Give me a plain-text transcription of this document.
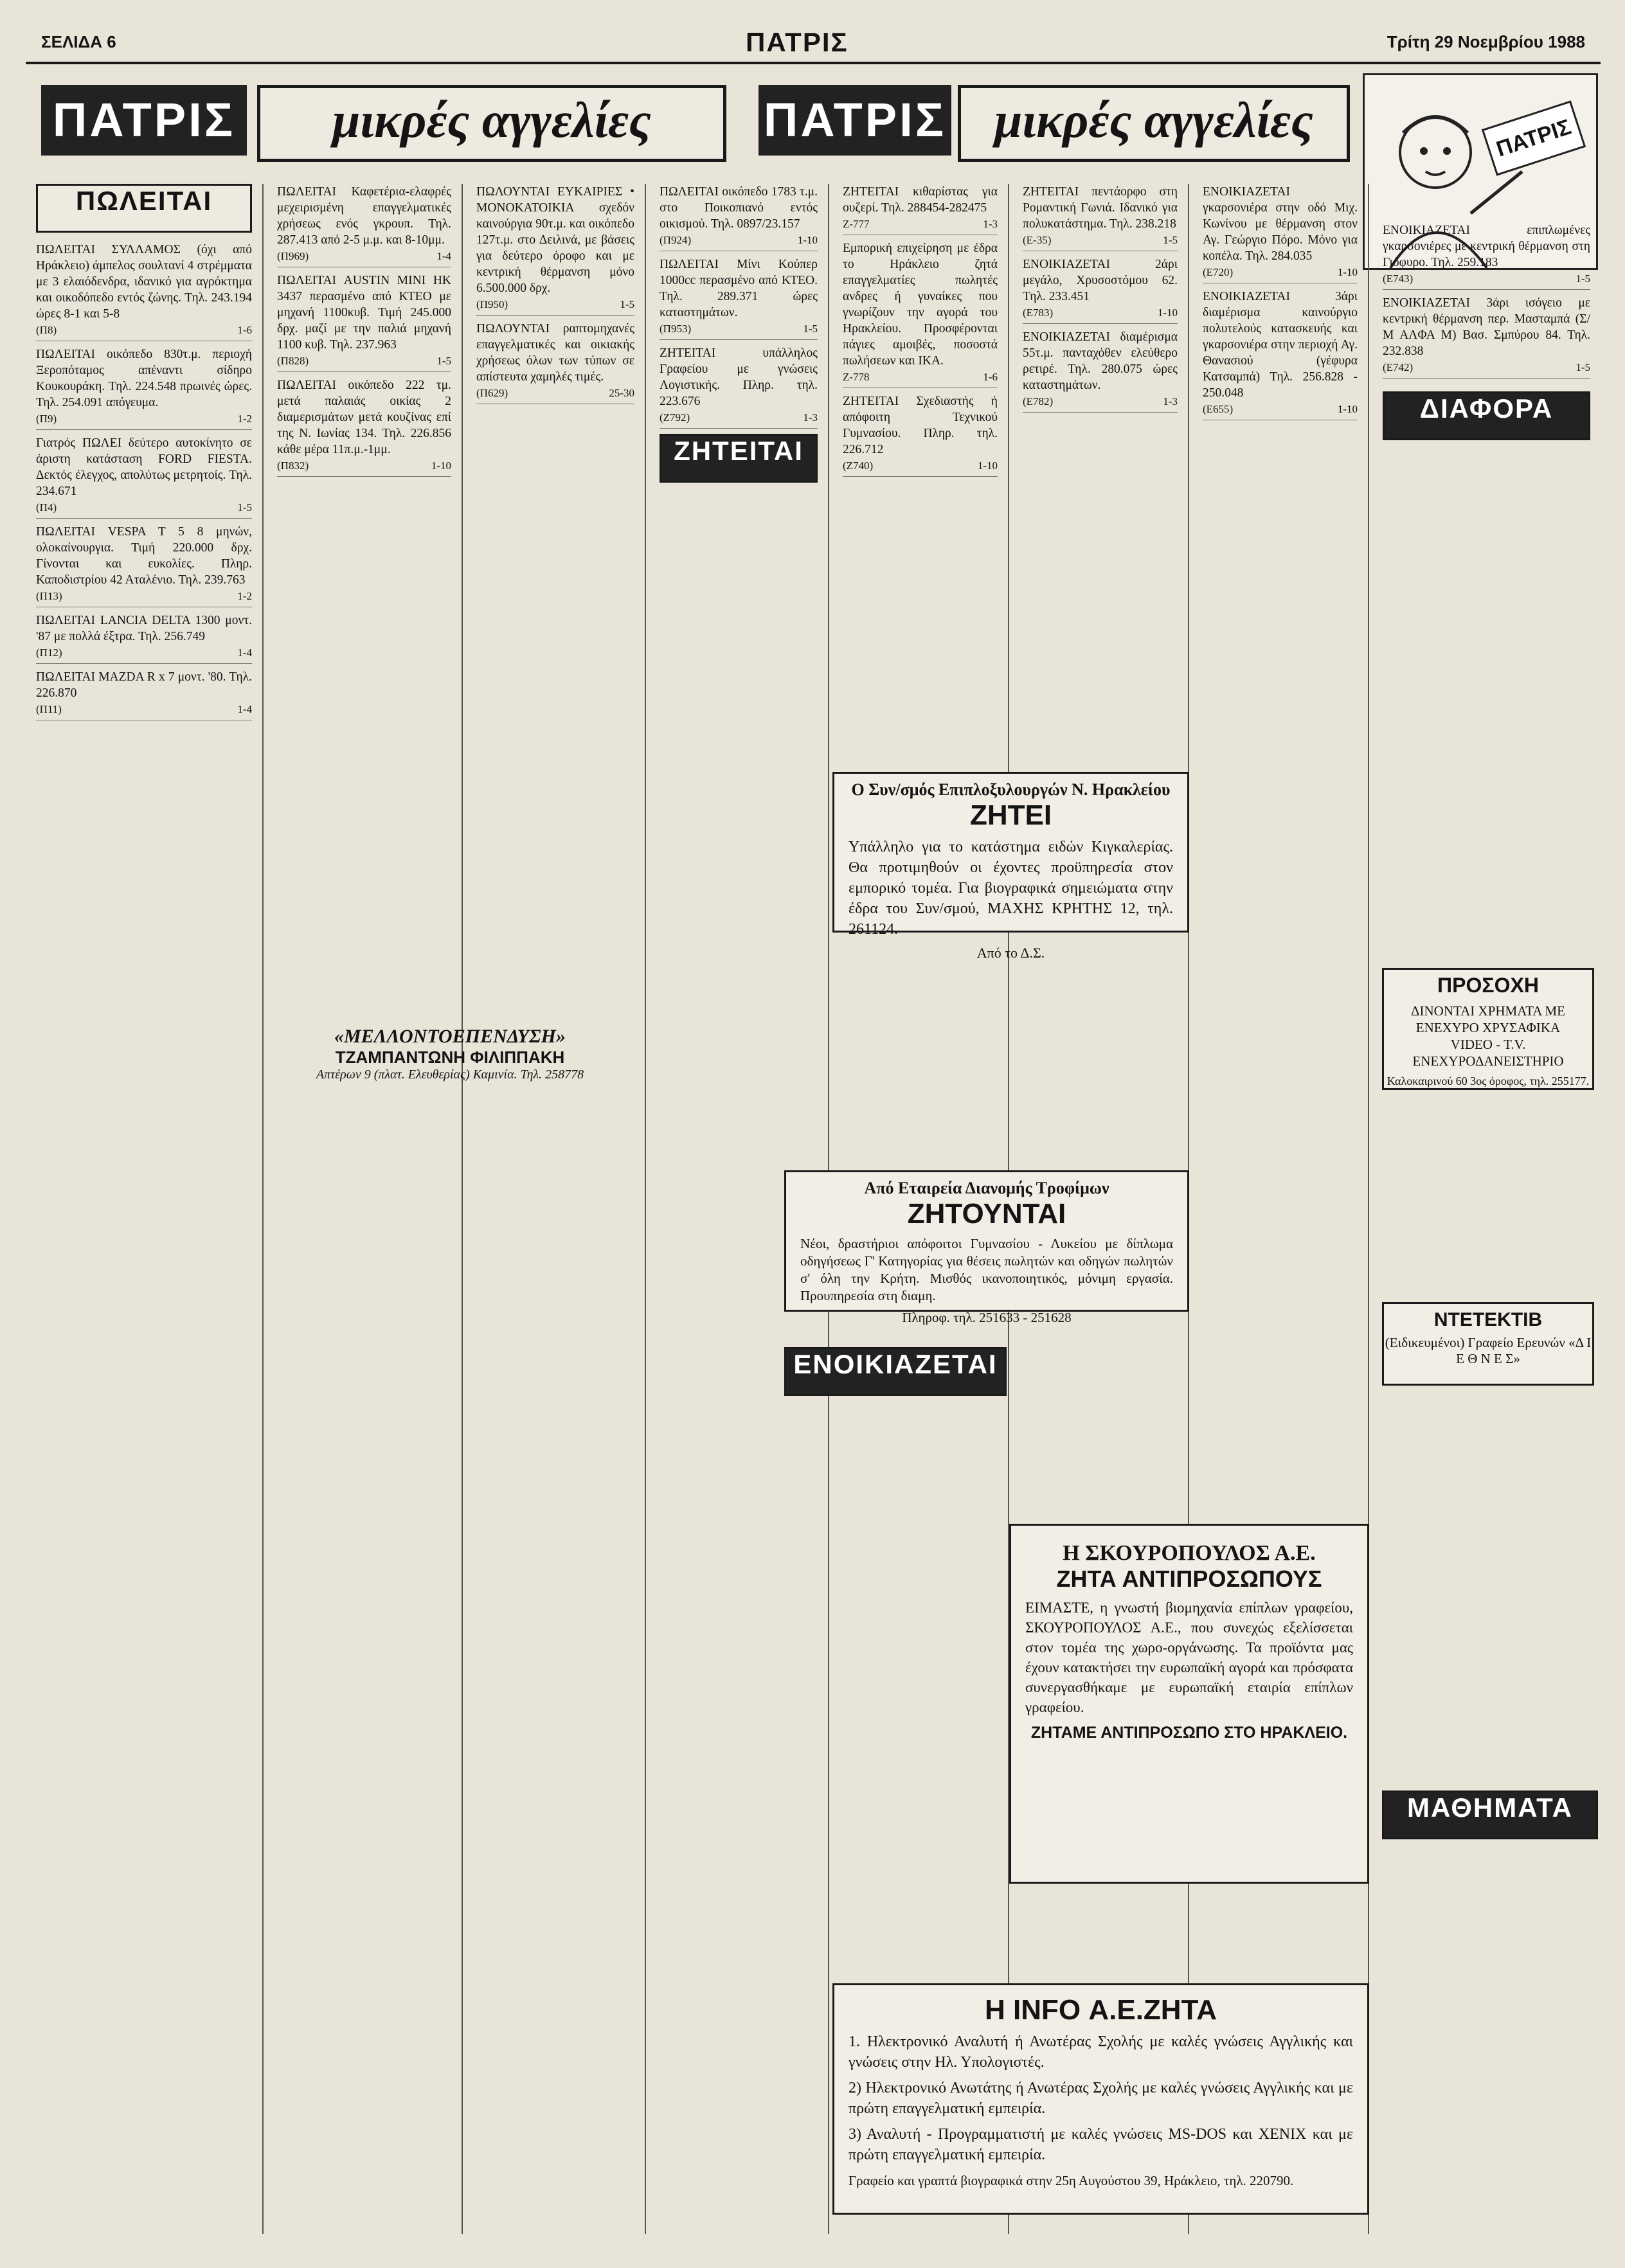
ΣΕΛΙΔΑ 6	ΠΑΤΡΙΣ	Τρίτη 29 Νοεμβρίου 1988
ΠΑΤΡΙΣ	μικρές αγγελίες	ΠΑΤΡΙΣ μικρές αγγελίες	ΠΑΤΡΙΣ
ΠΩΛΕΙΤΑΙ
ΠΩΛΕΙΤΑΙ ΣΥΛΛΑΜΟΣ (όχι από Ηράκλειο) άμπελος σουλτανί 4 στρέμματα με 3 ελαιόδενδρα, ιδανικό για αγρόκτημα και οικοδόπεδο εντός ζώνης. Τηλ. 243.194 ώρες 8-1 και 5-8
(Π8)	1-6
ΠΩΛΕΙΤΑΙ οικόπεδο 830τ.μ. περιοχή Ξεροπόταμος απέναντι σίδηρο Κουκουράκη. Τηλ. 224.548 πρωινές ώρες. Τηλ. 254.091 απόγευμα.
(Π9)	1-2
Γιατρός ΠΩΛΕΙ δεύτερο αυτοκίνητο σε άριστη κατάσταση FORD FIESTA. Δεκτός έλεγχος, απολύτως μετρητοίς. Τηλ. 234.671
(Π4)	1-5
ΠΩΛΕΙΤΑΙ VESPA T 5 8 μηνών, ολοκαίνουργια. Τιμή 220.000 δρχ. Γίνονται και ευκολίες. Πληρ. Καποδιστρίου 42 Αταλένιο. Τηλ. 239.763
(Π13)	1-2
ΠΩΛΕΙΤΑΙ LANCIA DELTA 1300 μοντ. '87 με πολλά έξτρα. Τηλ. 256.749
(Π12)	1-4
ΠΩΛΕΙΤΑΙ MAZDA R x 7 μοντ. '80. Τηλ. 226.870
(Π11)	1-4
ΠΩΛΕΙΤΑΙ Καφετέρια-ελαφρές μεχειρισμένη επαγγελματικές χρήσεως ενός γκρουπ. Τηλ. 287.413 από 2-5 μ.μ. και 8-10μμ.
(Π969)	1-4
ΠΩΛΕΙΤΑΙ AUSTIN MINI HK 3437 περασμένο από ΚΤΕΟ με μηχανή 1100κυβ. Τιμή 245.000 δρχ. μαζί με την παλιά μηχανή 1100 κυβ. Τηλ. 237.963
(Π828)	1-5
ΠΩΛΕΙΤΑΙ οικόπεδο 222 τμ. μετά παλαιάς οικίας 2 διαμερισμάτων μετά κουζίνας επί της Ν. Ιωνίας 134. Τηλ. 226.856 κάθε μέρα 11π.μ.-1μμ.
(Π832)	1-10
ΠΩΛΟΥΝΤΑΙ ΕΥΚΑΙΡΙΕΣ • ΜΟΝΟΚΑΤΟΙΚΙΑ σχεδόν καινούργια 90τ.μ. και οικόπεδο 127τ.μ. στο Δειλινά, με βάσεις για δεύτερο όροφο και με κεντρική θέρμανση μόνο 6.500.000 δρχ.
(Π950)	1-5
ΠΩΛΟΥΝΤΑΙ ραπτομηχανές επαγγελματικές και οικιακής χρήσεως όλων των τύπων σε απίστευτα χαμηλές τιμές.
(Π629)	25-30
ΠΩΛΕΙΤΑΙ οικόπεδο 1783 τ.μ. στο Ποικοπιανό εντός οικισμού. Τηλ. 0897/23.157
(Π924)	1-10
ΠΩΛΕΙΤΑΙ Μίνι Κούπερ 1000cc περασμένο από ΚΤΕΟ. Τηλ. 289.371 ώρες καταστημάτων.
(Π953)	1-5
ΖΗΤΕΙΤΑΙ υπάλληλος Γραφείου με γνώσεις Λογιστικής. Πληρ. τηλ. 223.676
(Ζ792)	1-3
ΖΗΤΕΙΤΑΙ
ΖΗΤΕΙΤΑΙ κιθαρίστας για ουζερί. Τηλ. 288454-282475
Z-777	1-3
Εμπορική επιχείρηση με έδρα το Ηράκλειο ζητά επαγγελματίες πωλητές ανδρες ή γυναίκες που γνωρίζουν την αγορά του Ηρακλείου. Προσφέρονται πάγιες αμοιβές, ποσοστά πωλήσεων και ΙΚΑ.
Z-778	1-6
ΖΗΤΕΙΤΑΙ Σχεδιαστής ή απόφοιτη Τεχνικού Γυμνασίου. Πληρ. τηλ. 226.712
(Ζ740)	1-10
ΖΗΤΕΙΤΑΙ πεντάορφο στη Ρομαντική Γωνιά. Ιδανικό για πολυκατάστημα. Τηλ. 238.218
(Ε-35)	1-5
ΕΝΟΙΚΙΑΖΕΤΑΙ 2άρι μεγάλο, Χρυσοστόμου 62. Τηλ. 233.451
(Ε783)	1-10
ΕΝΟΙΚΙΑΖΕΤΑΙ διαμέρισμα 55τ.μ. πανταχόθεν ελεύθερο ρετιρέ. Τηλ. 280.075 ώρες καταστημάτων.
(Ε782)	1-3
ΕΝΟΙΚΙΑΖΕΤΑΙ γκαρσονιέρα στην οδό Μιχ. Κωνίνου με θέρμανση στον Αγ. Γεώργιο Πόρο. Μόνο για κοπέλα. Τηλ. 284.035
(Ε720)	1-10
ΕΝΟΙΚΙΑΖΕΤΑΙ 3άρι διαμέρισμα καινούργιο πολυτελούς κατασκευής και γκαρσονιέρα στην περιοχή Αγ. Θανασιού (γέφυρα Κατσαμπά) Τηλ. 256.828 - 250.048
(Ε655)	1-10
ΕΝΟΙΚΙΑΖΕΤΑΙ επιπλωμένες γκαρσονιέρες με κεντρική θέρμανση στη Γιόφυρο. Τηλ. 259.183
(Ε743)	1-5
ΕΝΟΙΚΙΑΖΕΤΑΙ 3άρι ισόγειο με κεντρική θέρμανση περ. Μασταμπά (Σ/Μ ΑΛΦΑ Μ) Βασ. Σμπύρου 84. Τηλ. 232.838
(Ε742)	1-5
ΔΙΑΦΟΡΑ
Ο Συν/σμός Επιπλοξυλουργών Ν. Ηρακλείου
ΖΗΤΕΙ

Υπάλληλο για το κατάστημα ειδών Κιγκαλερίας. Θα προτιμηθούν οι έχοντες προϋπηρεσία στον εμπορικό τομέα. Για βιογραφικά σημειώματα στην έδρα του Συν/σμού, ΜΑΧΗΣ ΚΡΗΤΗΣ 12, τηλ. 261124.

Από το Δ.Σ.
Από Εταιρεία Διανομής Τροφίμων
ΖΗΤΟΥΝΤΑΙ

Νέοι, δραστήριοι απόφοιτοι Γυμνασίου - Λυκείου με δίπλωμα οδηγήσεως Γ' Κατηγορίας για θέσεις πωλητών και οδηγών πωλητών σ' όλη την Κρήτη. Μισθός ικανοποιητικός, μόνιμη εργασία. Προυπηρεσία στη διαμη.

Πληροφ. τηλ. 251633 - 251628
ΕΝΟΙΚΙΑΖΕΤΑΙ
Η ΣΚΟΥΡΟΠΟΥΛΟΣ Α.Ε.
ΖΗΤΑ ΑΝΤΙΠΡΟΣΩΠΟΥΣ

ΕΙΜΑΣΤΕ, η γνωστή βιομηχανία επίπλων γραφείου, ΣΚΟΥΡΟΠΟΥΛΟΣ Α.Ε., που συνεχώς εξελίσσεται στον τομέα της χωρο-οργάνωσης. Τα προϊόντα μας έχουν κατακτήσει την ευρωπαϊκή αγορά και πρόσφατα συνεργασθήκαμε με ευρωπαϊκή εταιρία επίπλων γραφείου.

ΖΗΤΑΜΕ ΑΝΤΙΠΡΟΣΩΠΟ ΣΤΟ ΗΡΑΚΛΕΙΟ.
Η INFO Α.Ε.ΖΗΤΑ

1. Ηλεκτρονικό Αναλυτή ή Ανωτέρας Σχολής με καλές γνώσεις Αγγλικής και γνώσεις στην Ηλ. Υπολογιστές.

2) Ηλεκτρονικό Ανωτάτης ή Ανωτέρας Σχολής με καλές γνώσεις Αγγλικής και με πρώτη επαγγελματική εμπειρία.

3) Αναλυτή - Προγραμματιστή με καλές γνώσεις MS-DOS και XENIX και με πρώτη επαγγελματική εμπειρία.

Γραφείο και γραπτά βιογραφικά στην 25η Αυγούστου 39, Ηράκλειο, τηλ. 220790.

ΠΡΟΣΟΧΗ

ΔΙΝΟΝΤΑΙ ΧΡΗΜΑΤΑ ΜΕ ΕΝΕΧΥΡΟ ΧΡΥΣΑΦΙΚΑ VIDEO - T.V. ΕΝΕΧΥΡΟΔΑΝΕΙΣΤΗΡΙΟ

Καλοκαιρινού 60 3ος όροφος, τηλ. 255177.
ΝΤΕΤΕΚΤΙΒ
(Ειδικευμένοι) Γραφείο Ερευνών «Δ Ι Ε Θ Ν Ε Σ»
ΜΑΘΗΜΑΤΑ
«ΜΕΛΛΟΝΤΟΕΠΕΝΔΥΣΗ»
ΤΖΑΜΠΑΝΤΩΝΗ ΦΙΛΙΠΠΑΚΗ
Απτέρων 9 (πλατ. Ελευθερίας) Καμινία. Τηλ. 258778
